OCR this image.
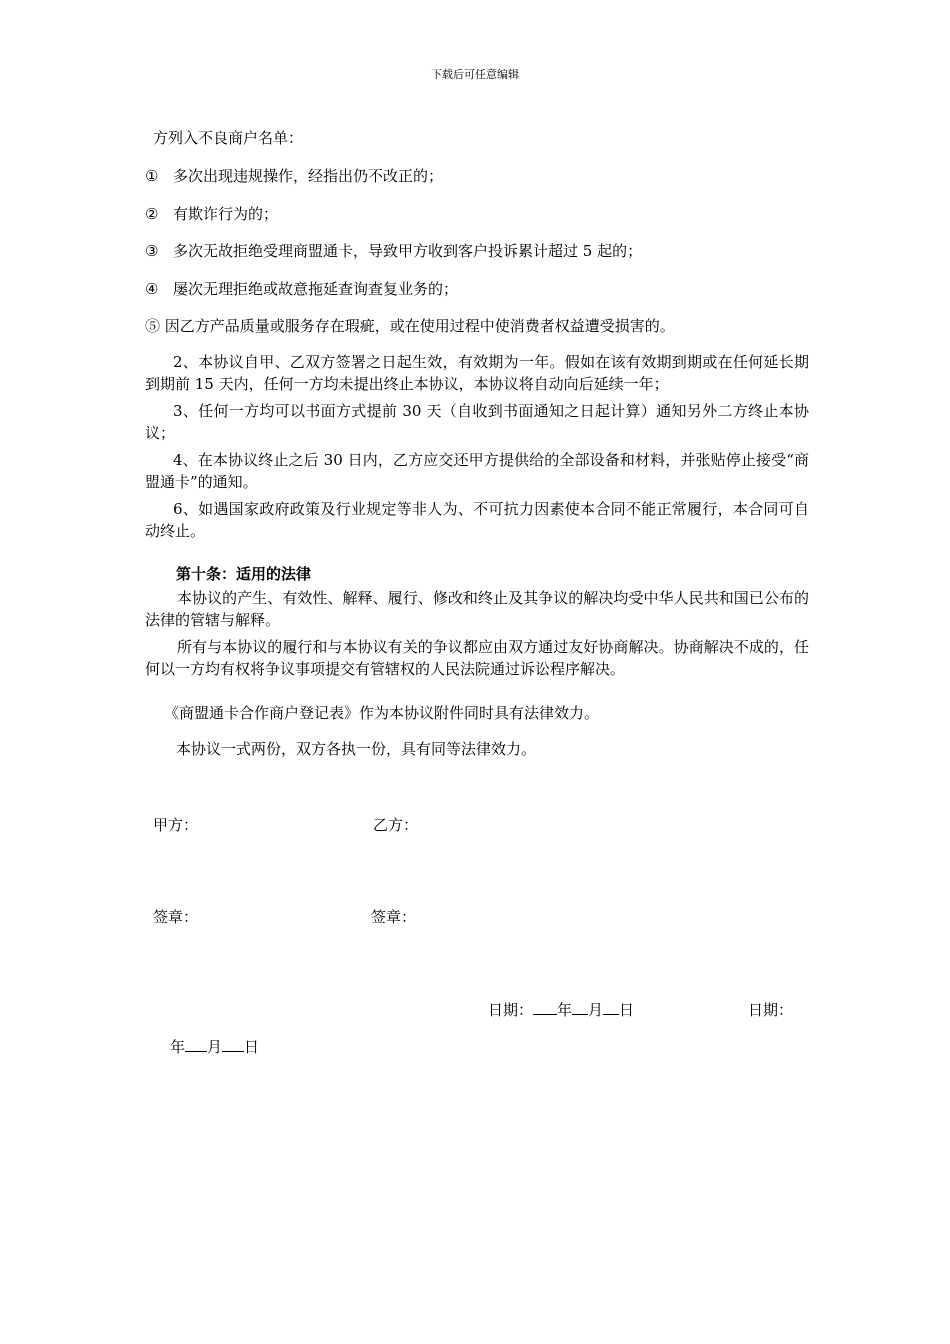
下载后可任意编辑
方列入不良商户名单：
① 多次出现违规操作，经指出仍不改正的；
② 有欺诈行为的；
③ 多次无故拒绝受理商盟通卡，导致甲方收到客户投诉累计超过 5 起的；
④ 屡次无理拒绝或故意拖延查询查复业务的；
⑤ 因乙方产品质量或服务存在瑕疵，或在使用过程中使消费者权益遭受损害的。
2、本协议自甲、乙双方签署之日起生效，有效期为一年。假如在该有效期到期或在任何延长期到期前 15 天内，任何一方均未提出终止本协议，本协议将自动向后延续一年；
3、任何一方均可以书面方式提前 30 天（自收到书面通知之日起计算）通知另外二方终止本协议；
4、在本协议终止之后 30 日内，乙方应交还甲方提供给的全部设备和材料，并张贴停止接受“商盟通卡”的通知。
6、如遇国家政府政策及行业规定等非人为、不可抗力因素使本合同不能正常履行，本合同可自动终止。
第十条：适用的法律
本协议的产生、有效性、解释、履行、修改和终止及其争议的解决均受中华人民共和国已公布的法律的管辖与解释。
所有与本协议的履行和与本协议有关的争议都应由双方通过友好协商解决。协商解决不成的，任何以一方均有权将争议事项提交有管辖权的人民法院通过诉讼程序解决。
《商盟通卡合作商户登记表》作为本协议附件同时具有法律效力。
本协议一式两份，双方各执一份，具有同等法律效力。
甲方：	乙方：
签章：	签章：
日期： 年 月 日	日期：
年 月 日
